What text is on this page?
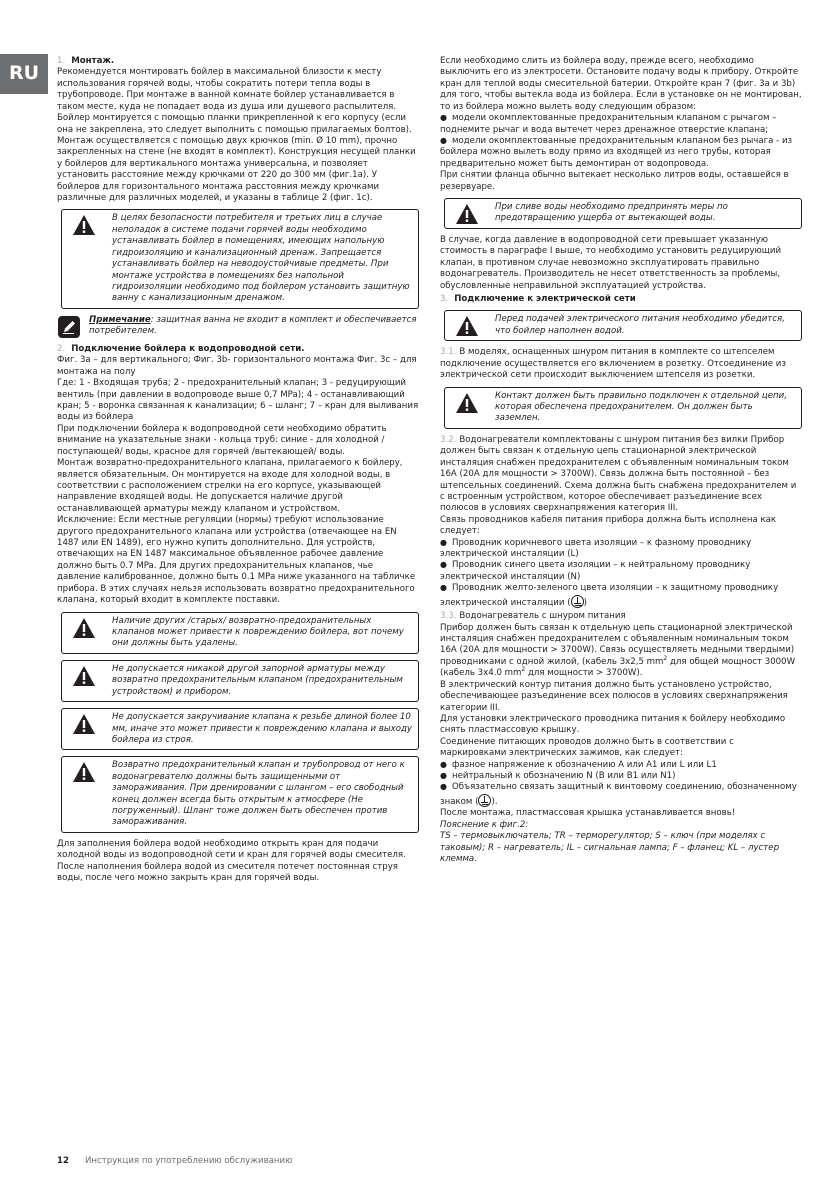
RU

1. Монтаж.

Рекомендуется монтировать бойлер в максимальной близости к месту использования горячей воды, чтобы сократить потери тепла воды в трубопроводе. При монтаже в ванной комнате бойлер устанавливается в таком месте, куда не попадает вода из душа или душевого распылителя.

Бойлер монтируется с помощью планки прикрепленной к его корпусу (если она не закреплена, это следует выполнить с помощью прилагаемых болтов). Монтаж осуществляется с помощью двух крючков (min. Ø 10 mm), прочно закрепленных на стене (не входят в комплект). Конструкция несущей планки у бойлеров для вертикального монтажа универсальна, и позволяет установить расстояние между крючками от 220 до 300 мм (фиг.1a). У бойлеров для горизонтального монтажа расстояния между крючками различные для различных моделей, и указаны в таблице 2 (фиг. 1c).

В целях безопасности потребителя и третьих лиц в случае неполадок в системе подачи горячей воды необходимо устанавливать бойлер в помещениях, имеющих напольную гидроизоляцию и канализационный дренаж. Запрещается устанавливать бойлер на неводоустойчивые предметы. При монтаже устройства в помещениях без напольной гидроизоляции необходимо под бойлером установить защитную ванну с канализационным дренажом.
Примечание: защитная ванна не входит в комплект и обеспечивается потребителем.

2. Подключение бойлера к водопроводной сети.

Фиг. 3a – для вертикального; Фиг. 3b- горизонтального монтажа Фиг. 3c – для монтажа на полу

Где: 1 - Входящая труба; 2 - предохранительный клапан; 3 - редуцирующий вентиль (при давлении в водопроводе выше 0,7 MPa); 4 - останавливающий кран; 5 - воронка связанная к канализации; 6 – шланг; 7 – кран для выливания воды из бойлера

При подключении бойлера к водопроводной сети необходимо обратить внимание на указательные знаки - кольца труб: синие - для холодной / поступающей/ воды, красное для горячей /вытекающей/ воды.

Монтаж возвратно-предохранительного клапана, прилагаемого к бойлеру, является обязательным. Он монтируется на входе для холодной воды, в соответствии с расположением стрелки на его корпусе, указывающей направление входящей воды. Не допускается наличие другой останавливающей арматуры между клапаном и устройством.

Исключение: Если местные регуляции (нормы) требуют использование другого предохранительного клапана или устройства (отвечающее на EN 1487 или EN 1489), его нужно купить дополнительно. Для устройств, отвечающих на EN 1487 максимальное объявленное рабочее давление должно быть 0.7 MPa. Для других предохранительных клапанов, чье давление калиброванное, должно быть 0.1 MPa ниже указанного на табличке прибора. В этих случаях нельзя использовать возвратно предохранительного клапана, который входит в комплекте поставки.

Наличие других /старых/ возвратно-предохранительных клапанов может привести к повреждению бойлера, вот почему они должны быть удалены.
Не допускается никакой другой запорной арматуры между возвратно предохранительным клапаном (предохранительным устройством) и прибором.
Не допускается закручивание клапана к резьбе длиной более 10 мм, иначе это может привести к повреждению клапана и выходу бойлера из строя.
Возвратно предохранительный клапан и трубопровод от него к водонагревателю должны быть защищенными от замораживания. При дренировании с шлангом – его свободный конец должен всегда быть открытым к атмосфере (Не погруженный). Шланг тоже должен быть обеспечен против замораживания.

Для заполнения бойлера водой необходимо открыть кран для подачи холодной воды из водопроводной сети и кран для горячей воды смесителя. После наполнения бойлера водой из смесителя потечет постоянная струя воды, после чего можно закрыть кран для горячей воды.

Если необходимо слить из бойлера воду, прежде всего, необходимо выключить его из электросети. Остановите подачу воды к прибору. Откройте кран для теплой воды смесительной батерии. Откройте кран 7 (фиг. 3a и 3b) для того, чтобы вытекла вода из бойлера. Если в установке он не монтирован, то из бойлера можно вылеть воду следующим образом:

● модели окомплектованные предохранительным клапаном с рычагом – поднемите рычаг и вода вытечет через дренажное отверстие клапана;

● модели окомплектованные предохранительным клапаном без рычага - из бойлера можно вылеть воду прямо из входящей из него трубы, которая предварительно может быть демонтиран от водопровода.

При снятии фланца обычно вытекает несколько литров воды, оставшейся в резервуаре.

При сливе воды необходимо предпринять меры по предотвращению ущерба от вытекающей воды.

В случае, когда давление в водопроводной сети превышает указанную стоимость в параграфе I выше, то необходимо установить редуцирующий клапан, в противном случае невозможно эксплуатировать правильно водонагреватель. Производитель не несет ответственность за проблемы, обусловленные неправильной эксплуатацией устройства.

3. Подключение к электрической сети

Перед подачей электрического питания необходимо убедится, что бойлер наполнен водой.

3.1. В моделях, оснащенных шнуром питания в комплекте со штепселем подключение осуществляется его включением в розетку. Отсоединение из электрической сети происходит выключением штепселя из розетки.

Контакт должен быть правильно подключен к отдельной цепи, которая обеспечена предохранителем. Он должен быть заземлен.

3.2. Водонагреватели комплектованы с шнуром питания без вилки Прибор должен быть связан к отдельную цепь стационарной электрической инсталяция снабжен предохранителем с объявленным номинальным током 16A (20A для мощности > 3700W). Связь должна быть постоянной – без штепсельных соединений. Схема должна быть снабжена предохранителем и с встроенным устройством, которое обеспечивает разъединение всех полюсов в условиях сверхнапряжения категория III.

Связь проводников кабеля питания прибора должна быть исполнена как следует:

● Проводник коричневого цвета изоляции – к фазному проводнику электрической инсталяции (L)

● Проводник синего цвета изоляции – к нейтральному проводнику электрической инсталяции (N)

● Проводник желто-зеленого цвета изоляции – к защитному проводнику электрической инсталяции ( )

3.3. Водонагреватель с шнуром питания

Прибор должен быть связан к отдельную цепь стационарной электрической инсталяция снабжен предохранителем с объявленным номинальным током 16A (20A для мощности > 3700W). Связь осуществляеть медными твердыми) проводниками с одной жилой, (кабель 3x2,5 $mm^2$ для общей мощност 3000W (кабель 3x4.0 $mm^2$ для мощности > 3700W).

В электрический контур питания должно быть установлено устройство, обеспечивающее разъединение всех полюсов в условиях сверхнапряжения категории III.

Для установки электрического проводника питания к бойлеру необходимо снять пластмассовую крышку.

Соединение питающих проводов должно быть в соответствии с маркировками электрических зажимов, как следует:

● фазное напряжение к обозначению A или A1 или L или L1

● нейтральный к обозначению N (B или B1 или N1)

● Объязательно связать защитный к винтовому соединению, обозначенному знаком ( ).

После монтажа, пластмассовая крышка устанавливается вновь!

Пояснение к фиг.2:

TS – термовыключатель; TR – терморегулятор; S – ключ (при моделях с таковым); R – нагреватель; IL – сигнальная лампа; F – фланец; KL – лустер клемма.

12 Инструкция по употреблению обслуживанию
